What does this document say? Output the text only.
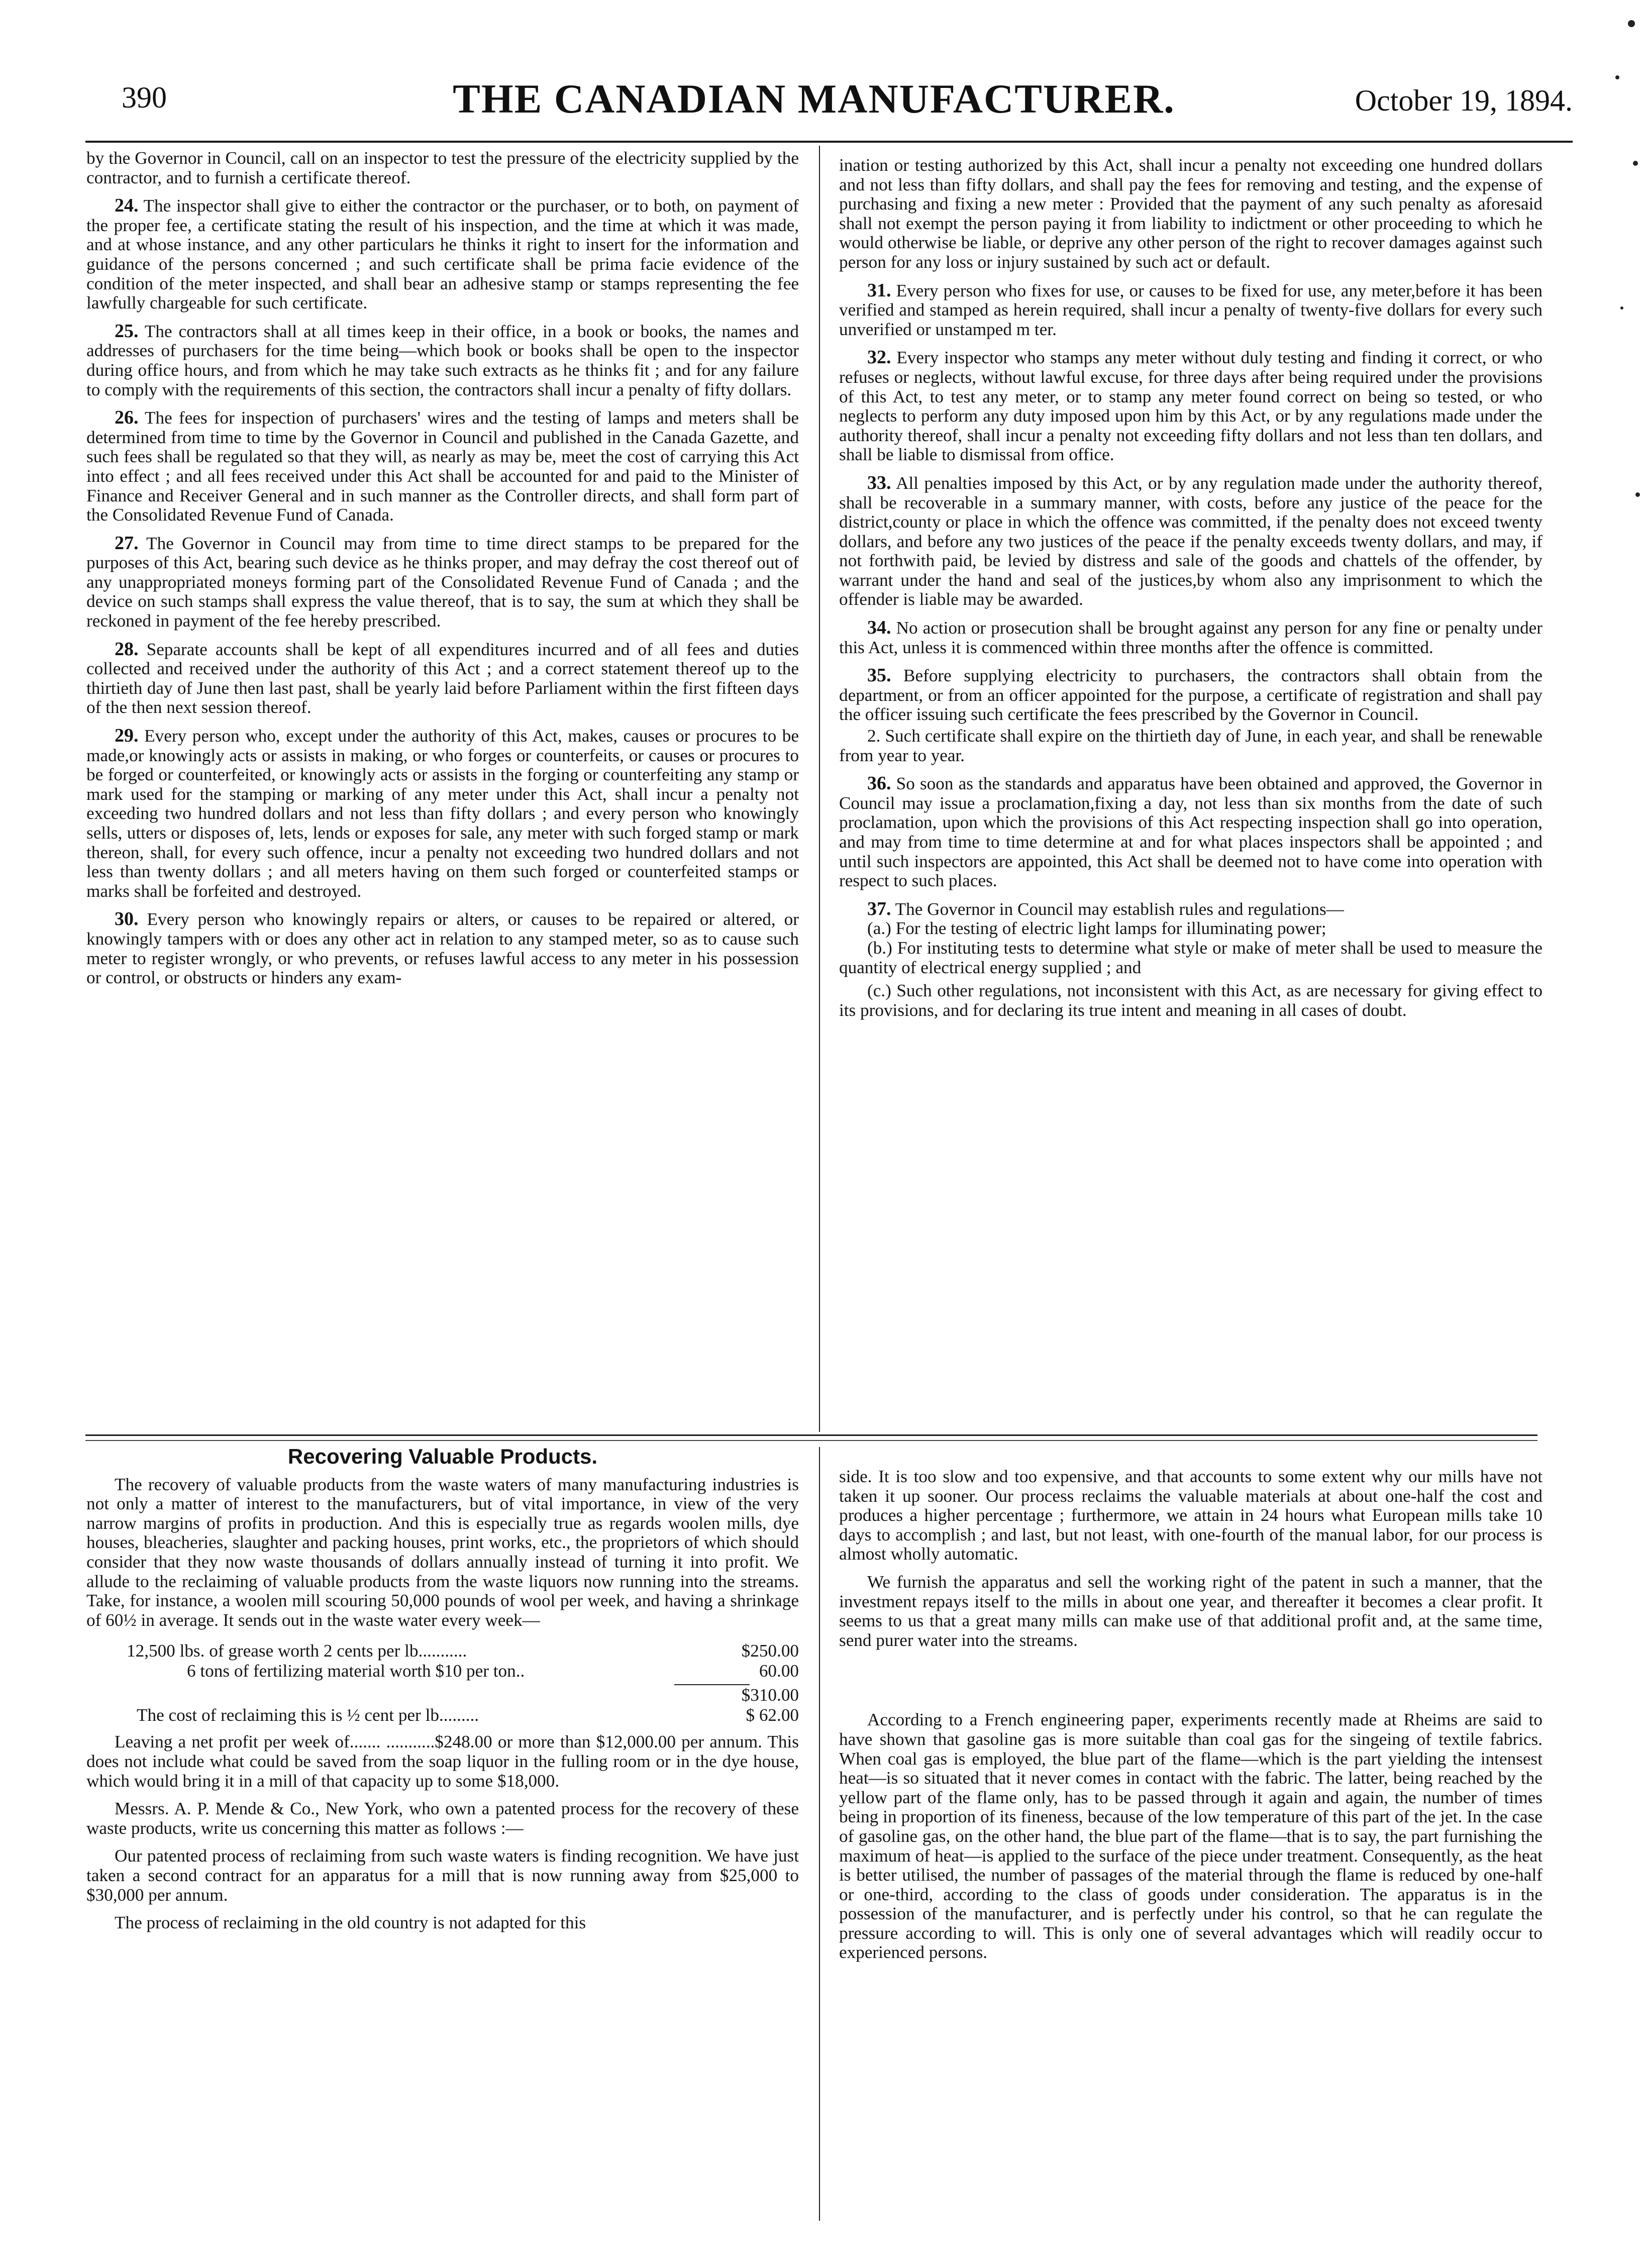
390	THE CANADIAN MANUFACTURER.	October 19, 1894.

by the Governor in Council, call on an inspector to test the pressure of the electricity supplied by the contractor, and to furnish a certificate thereof.

24. The inspector shall give to either the contractor or the purchaser, or to both, on payment of the proper fee, a certificate stating the result of his inspection, and the time at which it was made, and at whose instance, and any other particulars he thinks it right to insert for the information and guidance of the persons concerned ; and such certificate shall be prima facie evidence of the condition of the meter inspected, and shall bear an adhesive stamp or stamps representing the fee lawfully chargeable for such certificate.

25. The contractors shall at all times keep in their office, in a book or books, the names and addresses of purchasers for the time being—which book or books shall be open to the inspector during office hours, and from which he may take such extracts as he thinks fit ; and for any failure to comply with the requirements of this section, the contractors shall incur a penalty of fifty dollars.

26. The fees for inspection of purchasers' wires and the testing of lamps and meters shall be determined from time to time by the Governor in Council and published in the Canada Gazette, and such fees shall be regulated so that they will, as nearly as may be, meet the cost of carrying this Act into effect ; and all fees received under this Act shall be accounted for and paid to the Minister of Finance and Receiver General and in such manner as the Controller directs, and shall form part of the Consolidated Revenue Fund of Canada.

27. The Governor in Council may from time to time direct stamps to be prepared for the purposes of this Act, bearing such device as he thinks proper, and may defray the cost thereof out of any unappropriated moneys forming part of the Consolidated Revenue Fund of Canada ; and the device on such stamps shall express the value thereof, that is to say, the sum at which they shall be reckoned in payment of the fee hereby prescribed.

28. Separate accounts shall be kept of all expenditures incurred and of all fees and duties collected and received under the authority of this Act ; and a correct statement thereof up to the thirtieth day of June then last past, shall be yearly laid before Parliament within the first fifteen days of the then next session thereof.

29. Every person who, except under the authority of this Act, makes, causes or procures to be made,or knowingly acts or assists in making, or who forges or counterfeits, or causes or procures to be forged or counterfeited, or knowingly acts or assists in the forging or counterfeiting any stamp or mark used for the stamping or marking of any meter under this Act, shall incur a penalty not exceeding two hundred dollars and not less than fifty dollars ; and every person who knowingly sells, utters or disposes of, lets, lends or exposes for sale, any meter with such forged stamp or mark thereon, shall, for every such offence, incur a penalty not exceeding two hundred dollars and not less than twenty dollars ; and all meters having on them such forged or counterfeited stamps or marks shall be forfeited and destroyed.

30. Every person who knowingly repairs or alters, or causes to be repaired or altered, or knowingly tampers with or does any other act in relation to any stamped meter, so as to cause such meter to register wrongly, or who prevents, or refuses lawful access to any meter in his possession or control, or obstructs or hinders any exam-

ination or testing authorized by this Act, shall incur a penalty not exceeding one hundred dollars and not less than fifty dollars, and shall pay the fees for removing and testing, and the expense of purchasing and fixing a new meter : Provided that the payment of any such penalty as aforesaid shall not exempt the person paying it from liability to indictment or other proceeding to which he would otherwise be liable, or deprive any other person of the right to recover damages against such person for any loss or injury sustained by such act or default.

31. Every person who fixes for use, or causes to be fixed for use, any meter,before it has been verified and stamped as herein required, shall incur a penalty of twenty-five dollars for every such unverified or unstamped m ter.

32. Every inspector who stamps any meter without duly testing and finding it correct, or who refuses or neglects, without lawful excuse, for three days after being required under the provisions of this Act, to test any meter, or to stamp any meter found correct on being so tested, or who neglects to perform any duty imposed upon him by this Act, or by any regulations made under the authority thereof, shall incur a penalty not exceeding fifty dollars and not less than ten dollars, and shall be liable to dismissal from office.

33. All penalties imposed by this Act, or by any regulation made under the authority thereof, shall be recoverable in a summary manner, with costs, before any justice of the peace for the district,county or place in which the offence was committed, if the penalty does not exceed twenty dollars, and before any two justices of the peace if the penalty exceeds twenty dollars, and may, if not forthwith paid, be levied by distress and sale of the goods and chattels of the offender, by warrant under the hand and seal of the justices,by whom also any imprisonment to which the offender is liable may be awarded.

34. No action or prosecution shall be brought against any person for any fine or penalty under this Act, unless it is commenced within three months after the offence is committed.

35. Before supplying electricity to purchasers, the contractors shall obtain from the department, or from an officer appointed for the purpose, a certificate of registration and shall pay the officer issuing such certificate the fees prescribed by the Governor in Council.

2. Such certificate shall expire on the thirtieth day of June, in each year, and shall be renewable from year to year.

36. So soon as the standards and apparatus have been obtained and approved, the Governor in Council may issue a proclamation,fixing a day, not less than six months from the date of such proclamation, upon which the provisions of this Act respecting inspection shall go into operation, and may from time to time determine at and for what places inspectors shall be appointed ; and until such inspectors are appointed, this Act shall be deemed not to have come into operation with respect to such places.

37. The Governor in Council may establish rules and regulations—

(a.) For the testing of electric light lamps for illuminating power;

(b.) For instituting tests to determine what style or make of meter shall be used to measure the quantity of electrical energy supplied ; and

(c.) Such other regulations, not inconsistent with this Act, as are necessary for giving effect to its provisions, and for declaring its true intent and meaning in all cases of doubt.

Recovering Valuable Products.

The recovery of valuable products from the waste waters of many manufacturing industries is not only a matter of interest to the manufacturers, but of vital importance, in view of the very narrow margins of profits in production. And this is especially true as regards woolen mills, dye houses, bleacheries, slaughter and packing houses, print works, etc., the proprietors of which should consider that they now waste thousands of dollars annually instead of turning it into profit. We allude to the reclaiming of valuable products from the waste liquors now running into the streams. Take, for instance, a woolen mill scouring 50,000 pounds of wool per week, and having a shrinkage of 60½ in average. It sends out in the waste water every week—

12,500 lbs. of grease worth 2 cents per lb...........	$250.00
6 tons of fertilizing material worth $10 per ton..	60.00
$310.00
The cost of reclaiming this is ½ cent per lb.........	$ 62.00

Leaving a net profit per week of....... ...........$248.00 or more than $12,000.00 per annum. This does not include what could be saved from the soap liquor in the fulling room or in the dye house, which would bring it in a mill of that capacity up to some $18,000.

Messrs. A. P. Mende & Co., New York, who own a patented process for the recovery of these waste products, write us concerning this matter as follows :—

Our patented process of reclaiming from such waste waters is finding recognition. We have just taken a second contract for an apparatus for a mill that is now running away from $25,000 to $30,000 per annum.

The process of reclaiming in the old country is not adapted for this

side. It is too slow and too expensive, and that accounts to some extent why our mills have not taken it up sooner. Our process reclaims the valuable materials at about one-half the cost and produces a higher percentage ; furthermore, we attain in 24 hours what European mills take 10 days to accomplish ; and last, but not least, with one-fourth of the manual labor, for our process is almost wholly automatic.

We furnish the apparatus and sell the working right of the patent in such a manner, that the investment repays itself to the mills in about one year, and thereafter it becomes a clear profit. It seems to us that a great many mills can make use of that additional profit and, at the same time, send purer water into the streams.

According to a French engineering paper, experiments recently made at Rheims are said to have shown that gasoline gas is more suitable than coal gas for the singeing of textile fabrics. When coal gas is employed, the blue part of the flame—which is the part yielding the intensest heat—is so situated that it never comes in contact with the fabric. The latter, being reached by the yellow part of the flame only, has to be passed through it again and again, the number of times being in proportion of its fineness, because of the low temperature of this part of the jet. In the case of gasoline gas, on the other hand, the blue part of the flame—that is to say, the part furnishing the maximum of heat—is applied to the surface of the piece under treatment. Consequently, as the heat is better utilised, the number of passages of the material through the flame is reduced by one-half or one-third, according to the class of goods under consideration. The apparatus is in the possession of the manufacturer, and is perfectly under his control, so that he can regulate the pressure according to will. This is only one of several advantages which will readily occur to experienced persons.
